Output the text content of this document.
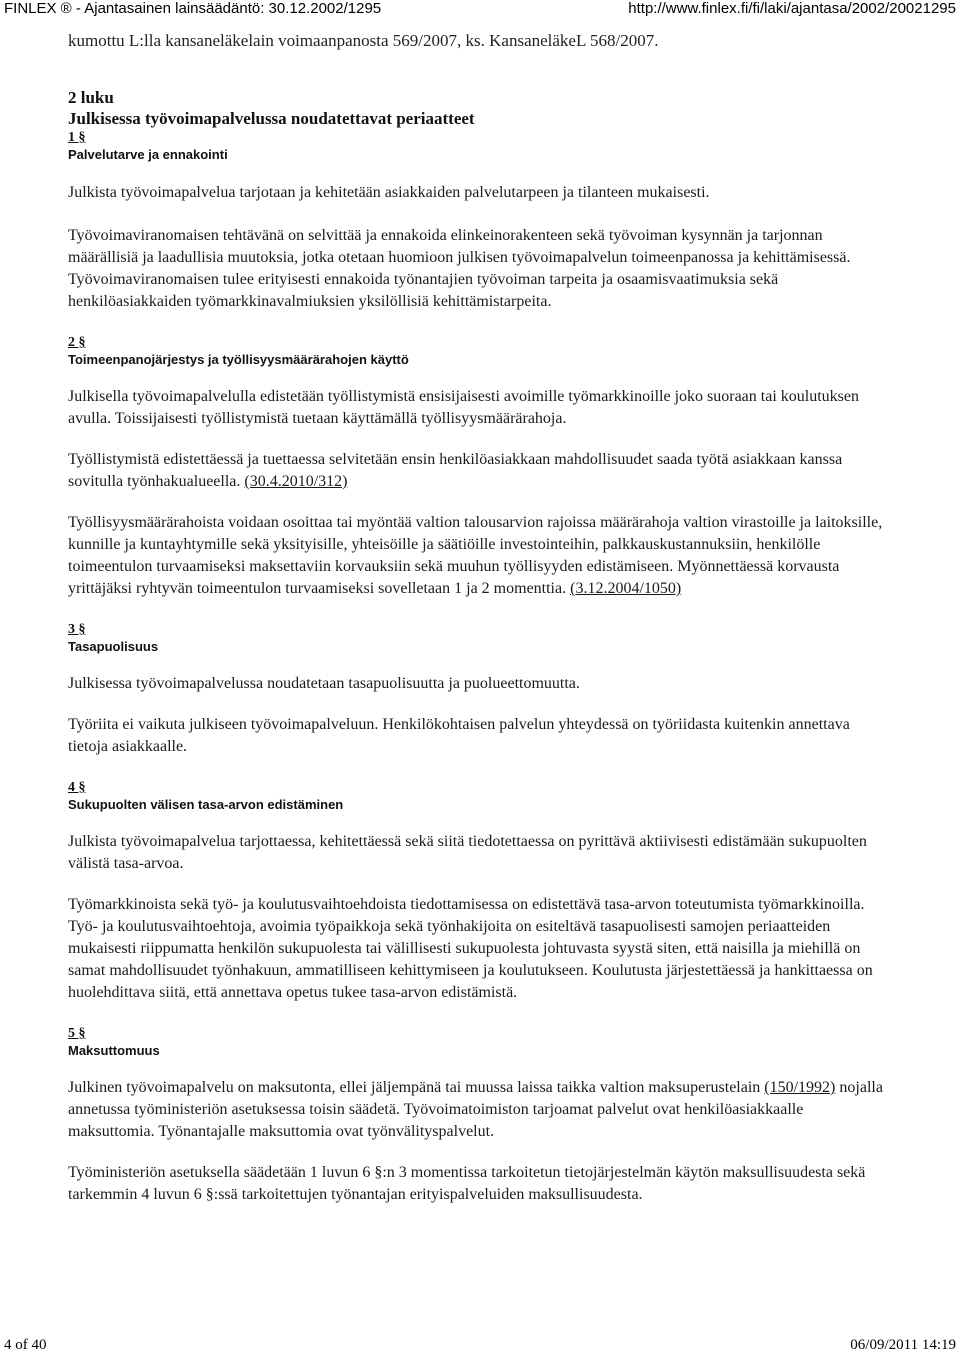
FINLEX ® - Ajantasainen lainsäädäntö: 30.12.2002/1295	http://www.finlex.fi/fi/laki/ajantasa/2002/20021295
kumottu L:lla kansaneläkelain voimaanpanosta 569/2007, ks. KansaneläkeL 568/2007.
2 luku
Julkisessa työvoimapalvelussa noudatettavat periaatteet
1 §
Palvelutarve ja ennakointi

Julkista työvoimapalvelua tarjotaan ja kehitetään asiakkaiden palvelutarpeen ja tilanteen mukaisesti.

Työvoimaviranomaisen tehtävänä on selvittää ja ennakoida elinkeinorakenteen sekä työvoiman kysynnän ja tarjonnan määrällisiä ja laadullisia muutoksia, jotka otetaan huomioon julkisen työvoimapalvelun toimeenpanossa ja kehittämisessä. Työvoimaviranomaisen tulee erityisesti ennakoida työnantajien työvoiman tarpeita ja osaamisvaatimuksia sekä henkilöasiakkaiden työmarkkinavalmiuksien yksilöllisiä kehittämistarpeita.

2 §
Toimeenpanojärjestys ja työllisyysmäärärahojen käyttö

Julkisella työvoimapalvelulla edistetään työllistymistä ensisijaisesti avoimille työmarkkinoille joko suoraan tai koulutuksen avulla. Toissijaisesti työllistymistä tuetaan käyttämällä työllisyysmäärärahoja.

Työllistymistä edistettäessä ja tuettaessa selvitetään ensin henkilöasiakkaan mahdollisuudet saada työtä asiakkaan kanssa sovitulla työnhakualueella. (30.4.2010/312)

Työllisyysmäärärahoista voidaan osoittaa tai myöntää valtion talousarvion rajoissa määrärahoja valtion virastoille ja laitoksille, kunnille ja kuntayhtymille sekä yksityisille, yhteisöille ja säätiöille investointeihin, palkkauskustannuksiin, henkilölle toimeentulon turvaamiseksi maksettaviin korvauksiin sekä muuhun työllisyyden edistämiseen. Myönnettäessä korvausta yrittäjäksi ryhtyvän toimeentulon turvaamiseksi sovelletaan 1 ja 2 momenttia. (3.12.2004/1050)

3 §
Tasapuolisuus

Julkisessa työvoimapalvelussa noudatetaan tasapuolisuutta ja puolueettomuutta.

Työriita ei vaikuta julkiseen työvoimapalveluun. Henkilökohtaisen palvelun yhteydessä on työriidasta kuitenkin annettava tietoja asiakkaalle.

4 §
Sukupuolten välisen tasa-arvon edistäminen

Julkista työvoimapalvelua tarjottaessa, kehitettäessä sekä siitä tiedotettaessa on pyrittävä aktiivisesti edistämään sukupuolten välistä tasa-arvoa.

Työmarkkinoista sekä työ- ja koulutusvaihtoehdoista tiedottamisessa on edistettävä tasa-arvon toteutumista työmarkkinoilla. Työ- ja koulutusvaihtoehtoja, avoimia työpaikkoja sekä työnhakijoita on esiteltävä tasapuolisesti samojen periaatteiden mukaisesti riippumatta henkilön sukupuolesta tai välillisesti sukupuolesta johtuvasta syystä siten, että naisilla ja miehillä on samat mahdollisuudet työnhakuun, ammatilliseen kehittymiseen ja koulutukseen. Koulutusta järjestettäessä ja hankittaessa on huolehdittava siitä, että annettava opetus tukee tasa-arvon edistämistä.

5 §
Maksuttomuus

Julkinen työvoimapalvelu on maksutonta, ellei jäljempänä tai muussa laissa taikka valtion maksuperustelain (150/1992) nojalla annetussa työministeriön asetuksessa toisin säädetä. Työvoimatoimiston tarjoamat palvelut ovat henkilöasiakkaalle maksuttomia. Työnantajalle maksuttomia ovat työnvälityspalvelut.

Työministeriön asetuksella säädetään 1 luvun 6 §:n 3 momentissa tarkoitetun tietojärjestelmän käytön maksullisuudesta sekä tarkemmin 4 luvun 6 §:ssä tarkoitettujen työnantajan erityispalveluiden maksullisuudesta.

4 of 40	06/09/2011 14:19
